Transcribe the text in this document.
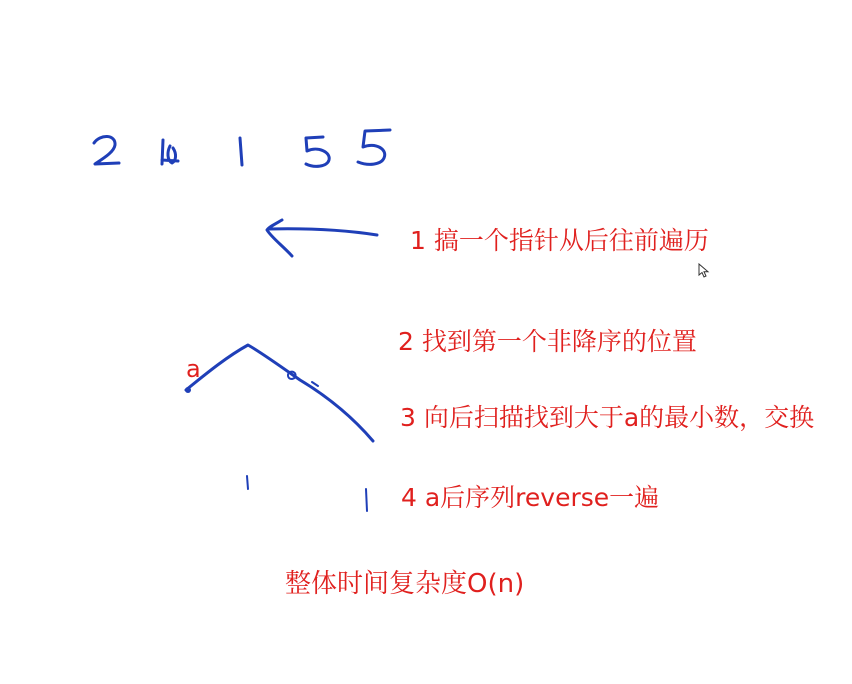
a
1 搞一个指针从后往前遍历
2 找到第一个非降序的位置
3 向后扫描找到大于a的最小数，交换
4 a后序列reverse一遍
整体时间复杂度O(n)
